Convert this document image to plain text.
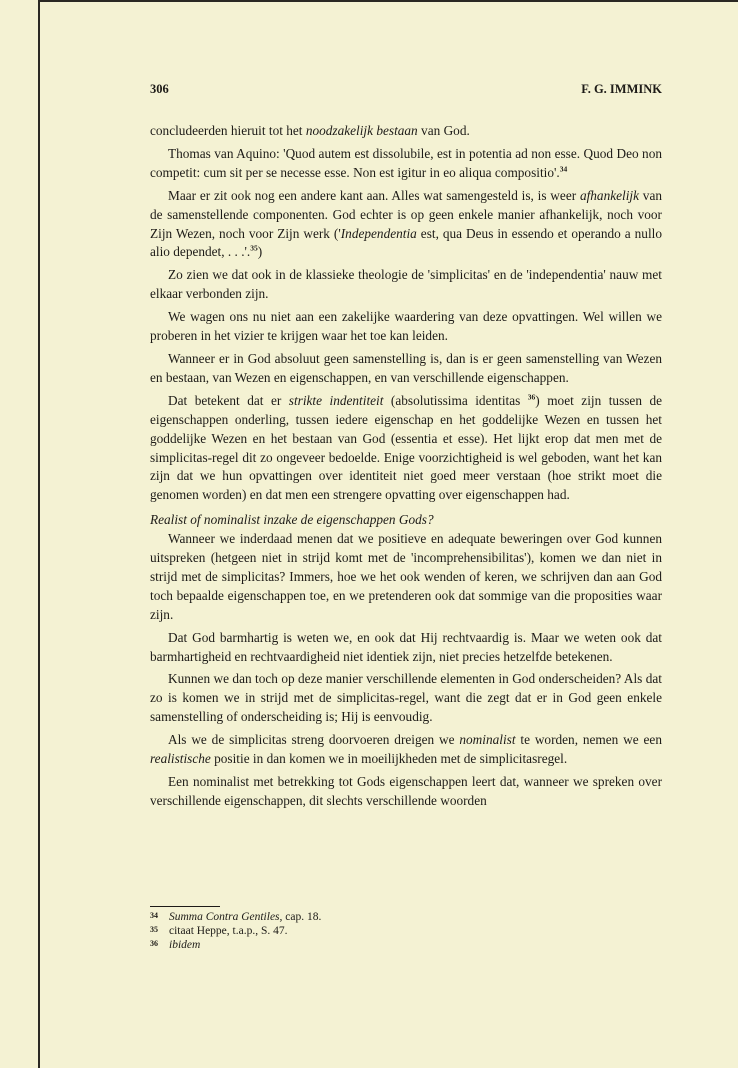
306	F. G. IMMINK

concludeerden hieruit tot het noodzakelijk bestaan van God.

Thomas van Aquino: 'Quod autem est dissolubile, est in potentia ad non esse. Quod Deo non competit: cum sit per se necesse esse. Non est igitur in eo aliqua compositio'.$^{34}$

Maar er zit ook nog een andere kant aan. Alles wat samengesteld is, is weer afhankelijk van de samenstellende componenten. God echter is op geen enkele manier afhankelijk, noch voor Zijn Wezen, noch voor Zijn werk ('Independentia est, qua Deus in essendo et operando a nullo alio dependet, . . .'.$^{35}$)

Zo zien we dat ook in de klassieke theologie de 'simplicitas' en de 'independentia' nauw met elkaar verbonden zijn.

We wagen ons nu niet aan een zakelijke waardering van deze opvattingen. Wel willen we proberen in het vizier te krijgen waar het toe kan leiden.

Wanneer er in God absoluut geen samenstelling is, dan is er geen samenstelling van Wezen en bestaan, van Wezen en eigenschappen, en van verschillende eigenschappen.

Dat betekent dat er strikte indentiteit (absolutissima identitas $^{36}$) moet zijn tussen de eigenschappen onderling, tussen iedere eigenschap en het goddelijke Wezen en tussen het goddelijke Wezen en het bestaan van God (essentia et esse). Het lijkt erop dat men met de simplicitas-regel dit zo ongeveer bedoelde. Enige voorzichtigheid is wel geboden, want het kan zijn dat we hun opvattingen over identiteit niet goed meer verstaan (hoe strikt moet die genomen worden) en dat men een strengere opvatting over eigenschappen had.

Realist of nominalist inzake de eigenschappen Gods?

Wanneer we inderdaad menen dat we positieve en adequate beweringen over God kunnen uitspreken (hetgeen niet in strijd komt met de 'incomprehensibilitas'), komen we dan niet in strijd met de simplicitas? Immers, hoe we het ook wenden of keren, we schrijven dan aan God toch bepaalde eigenschappen toe, en we pretenderen ook dat sommige van die proposities waar zijn.

Dat God barmhartig is weten we, en ook dat Hij rechtvaardig is. Maar we weten ook dat barmhartigheid en rechtvaardigheid niet identiek zijn, niet precies hetzelfde betekenen.

Kunnen we dan toch op deze manier verschillende elementen in God onderscheiden? Als dat zo is komen we in strijd met de simplicitas-regel, want die zegt dat er in God geen enkele samenstelling of onderscheiding is; Hij is eenvoudig.

Als we de simplicitas streng doorvoeren dreigen we nominalist te worden, nemen we een realistische positie in dan komen we in moeilijkheden met de simplicitasregel.

Een nominalist met betrekking tot Gods eigenschappen leert dat, wanneer we spreken over verschillende eigenschappen, dit slechts verschillende woorden

34 Summa Contra Gentiles, cap. 18.
35 citaat Heppe, t.a.p., S. 47.
36 ibidem
